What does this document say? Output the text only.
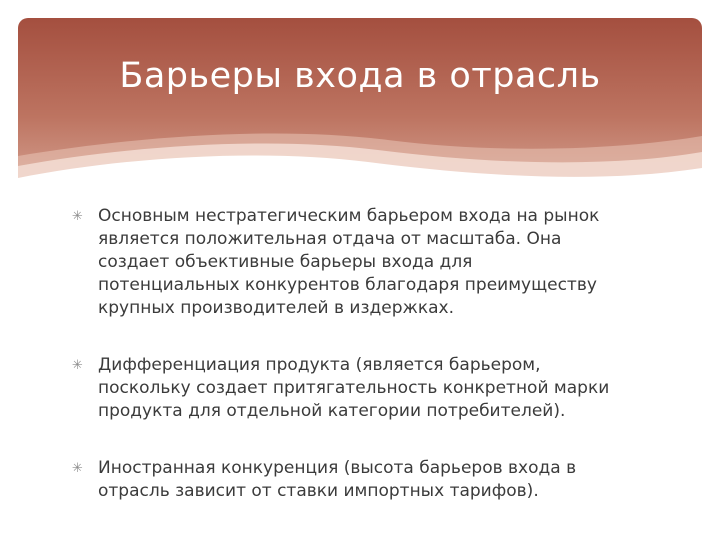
Барьеры входа в отрасль
✳ Основным нестратегическим барьером входа на рынок
является положительная отдача от масштаба. Она
создает объективные барьеры входа для
потенциальных конкурентов благодаря преимуществу
крупных производителей в издержках.
✳ Дифференциация продукта (является барьером,
поскольку создает притягательность конкретной марки
продукта для отдельной категории потребителей).
✳ Иностранная конкуренция (высота барьеров входа в
отрасль зависит от ставки импортных тарифов).
